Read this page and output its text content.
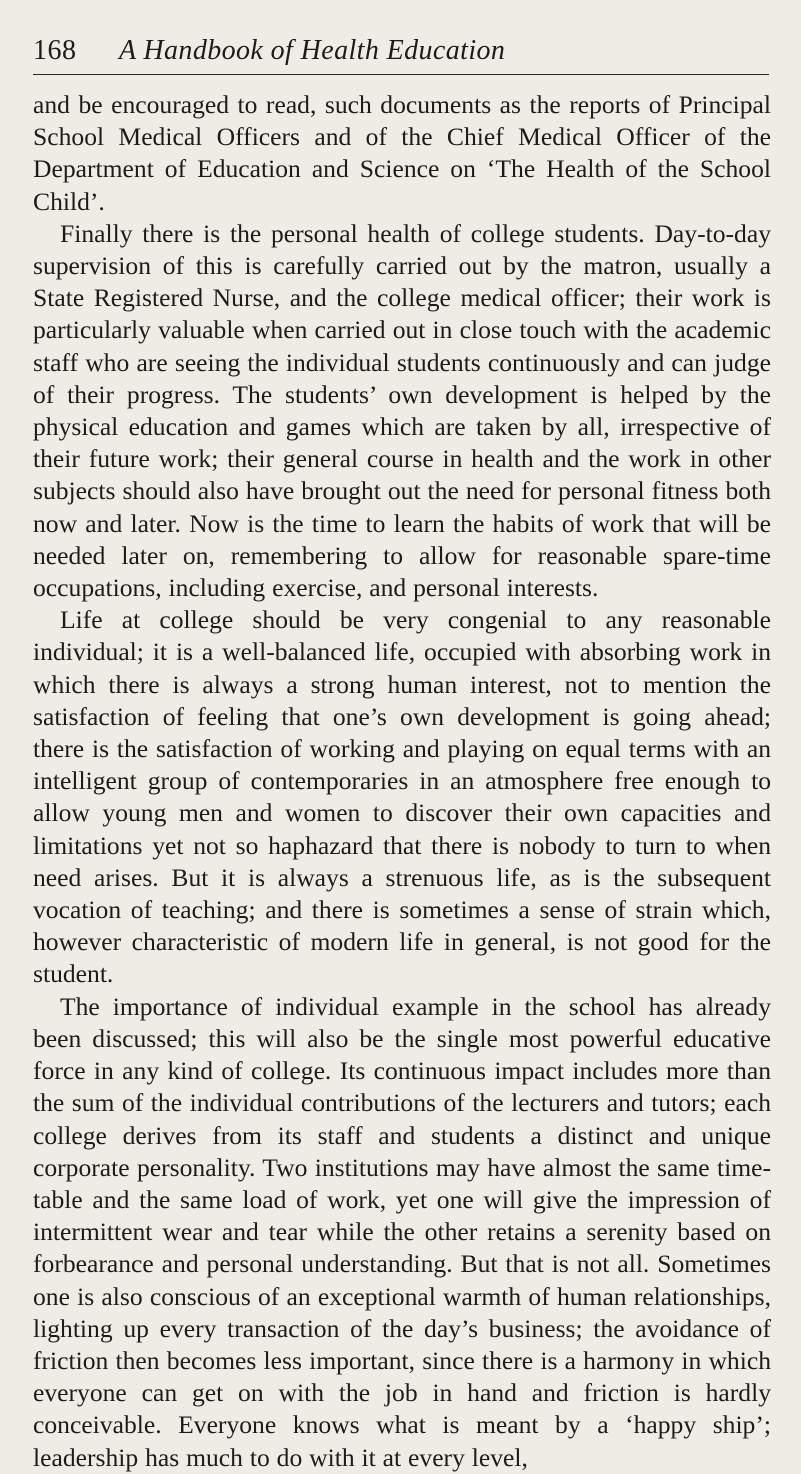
168	A Handbook of Health Education

and be encouraged to read, such documents as the reports of Principal School Medical Officers and of the Chief Medical Officer of the Department of Education and Science on ‘The Health of the School Child’.

Finally there is the personal health of college students. Day-to-day supervision of this is carefully carried out by the matron, usually a State Registered Nurse, and the college medical officer; their work is particularly valuable when carried out in close touch with the academic staff who are seeing the individual students continuously and can judge of their progress. The students’ own development is helped by the physical education and games which are taken by all, irrespective of their future work; their general course in health and the work in other subjects should also have brought out the need for personal fitness both now and later. Now is the time to learn the habits of work that will be needed later on, remembering to allow for reasonable spare-time occupations, including exercise, and personal interests.

Life at college should be very congenial to any reasonable individual; it is a well-balanced life, occupied with absorbing work in which there is always a strong human interest, not to mention the satisfaction of feeling that one’s own development is going ahead; there is the satisfaction of working and playing on equal terms with an intelligent group of contemporaries in an atmosphere free enough to allow young men and women to discover their own capacities and limitations yet not so haphazard that there is nobody to turn to when need arises. But it is always a strenuous life, as is the subsequent vocation of teaching; and there is sometimes a sense of strain which, however characteristic of modern life in general, is not good for the student.

The importance of individual example in the school has already been discussed; this will also be the single most powerful educative force in any kind of college. Its continuous impact includes more than the sum of the individual contributions of the lecturers and tutors; each college derives from its staff and students a distinct and unique corporate personality. Two institutions may have almost the same time-table and the same load of work, yet one will give the impression of intermittent wear and tear while the other retains a serenity based on forbearance and personal understanding. But that is not all. Sometimes one is also conscious of an exceptional warmth of human relationships, lighting up every transaction of the day’s business; the avoidance of friction then becomes less important, since there is a harmony in which everyone can get on with the job in hand and friction is hardly conceivable. Everyone knows what is meant by a ‘happy ship’; leadership has much to do with it at every level,
